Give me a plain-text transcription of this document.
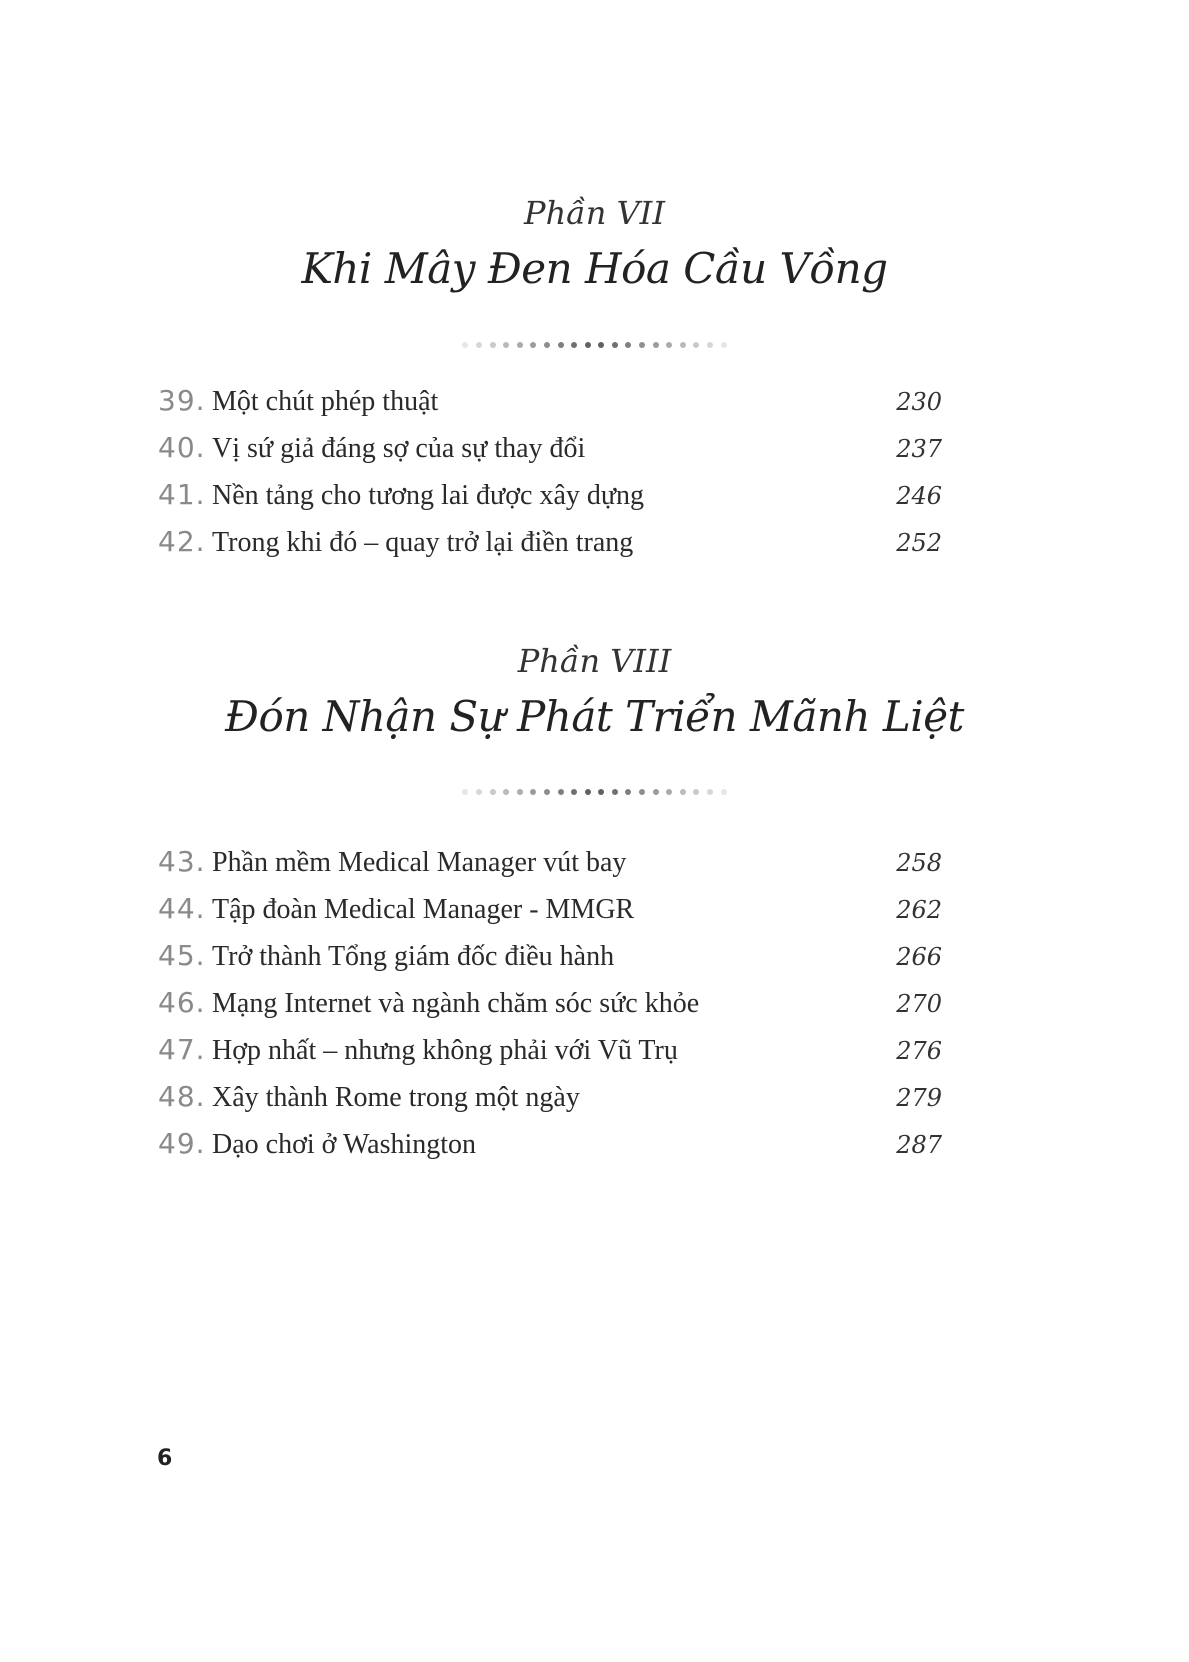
Phần VII
Khi Mây Đen Hóa Cầu Vồng
39. Một chút phép thuật	230
40. Vị sứ giả đáng sợ của sự thay đổi	237
41. Nền tảng cho tương lai được xây dựng	246
42. Trong khi đó – quay trở lại điền trang	252
Phần VIII
Đón Nhận Sự Phát Triển Mãnh Liệt
43. Phần mềm Medical Manager vút bay	258
44. Tập đoàn Medical Manager - MMGR	262
45. Trở thành Tổng giám đốc điều hành	266
46. Mạng Internet và ngành chăm sóc sức khỏe	270
47. Hợp nhất – nhưng không phải với Vũ Trụ	276
48. Xây thành Rome trong một ngày	279
49. Dạo chơi ở Washington	287
6
